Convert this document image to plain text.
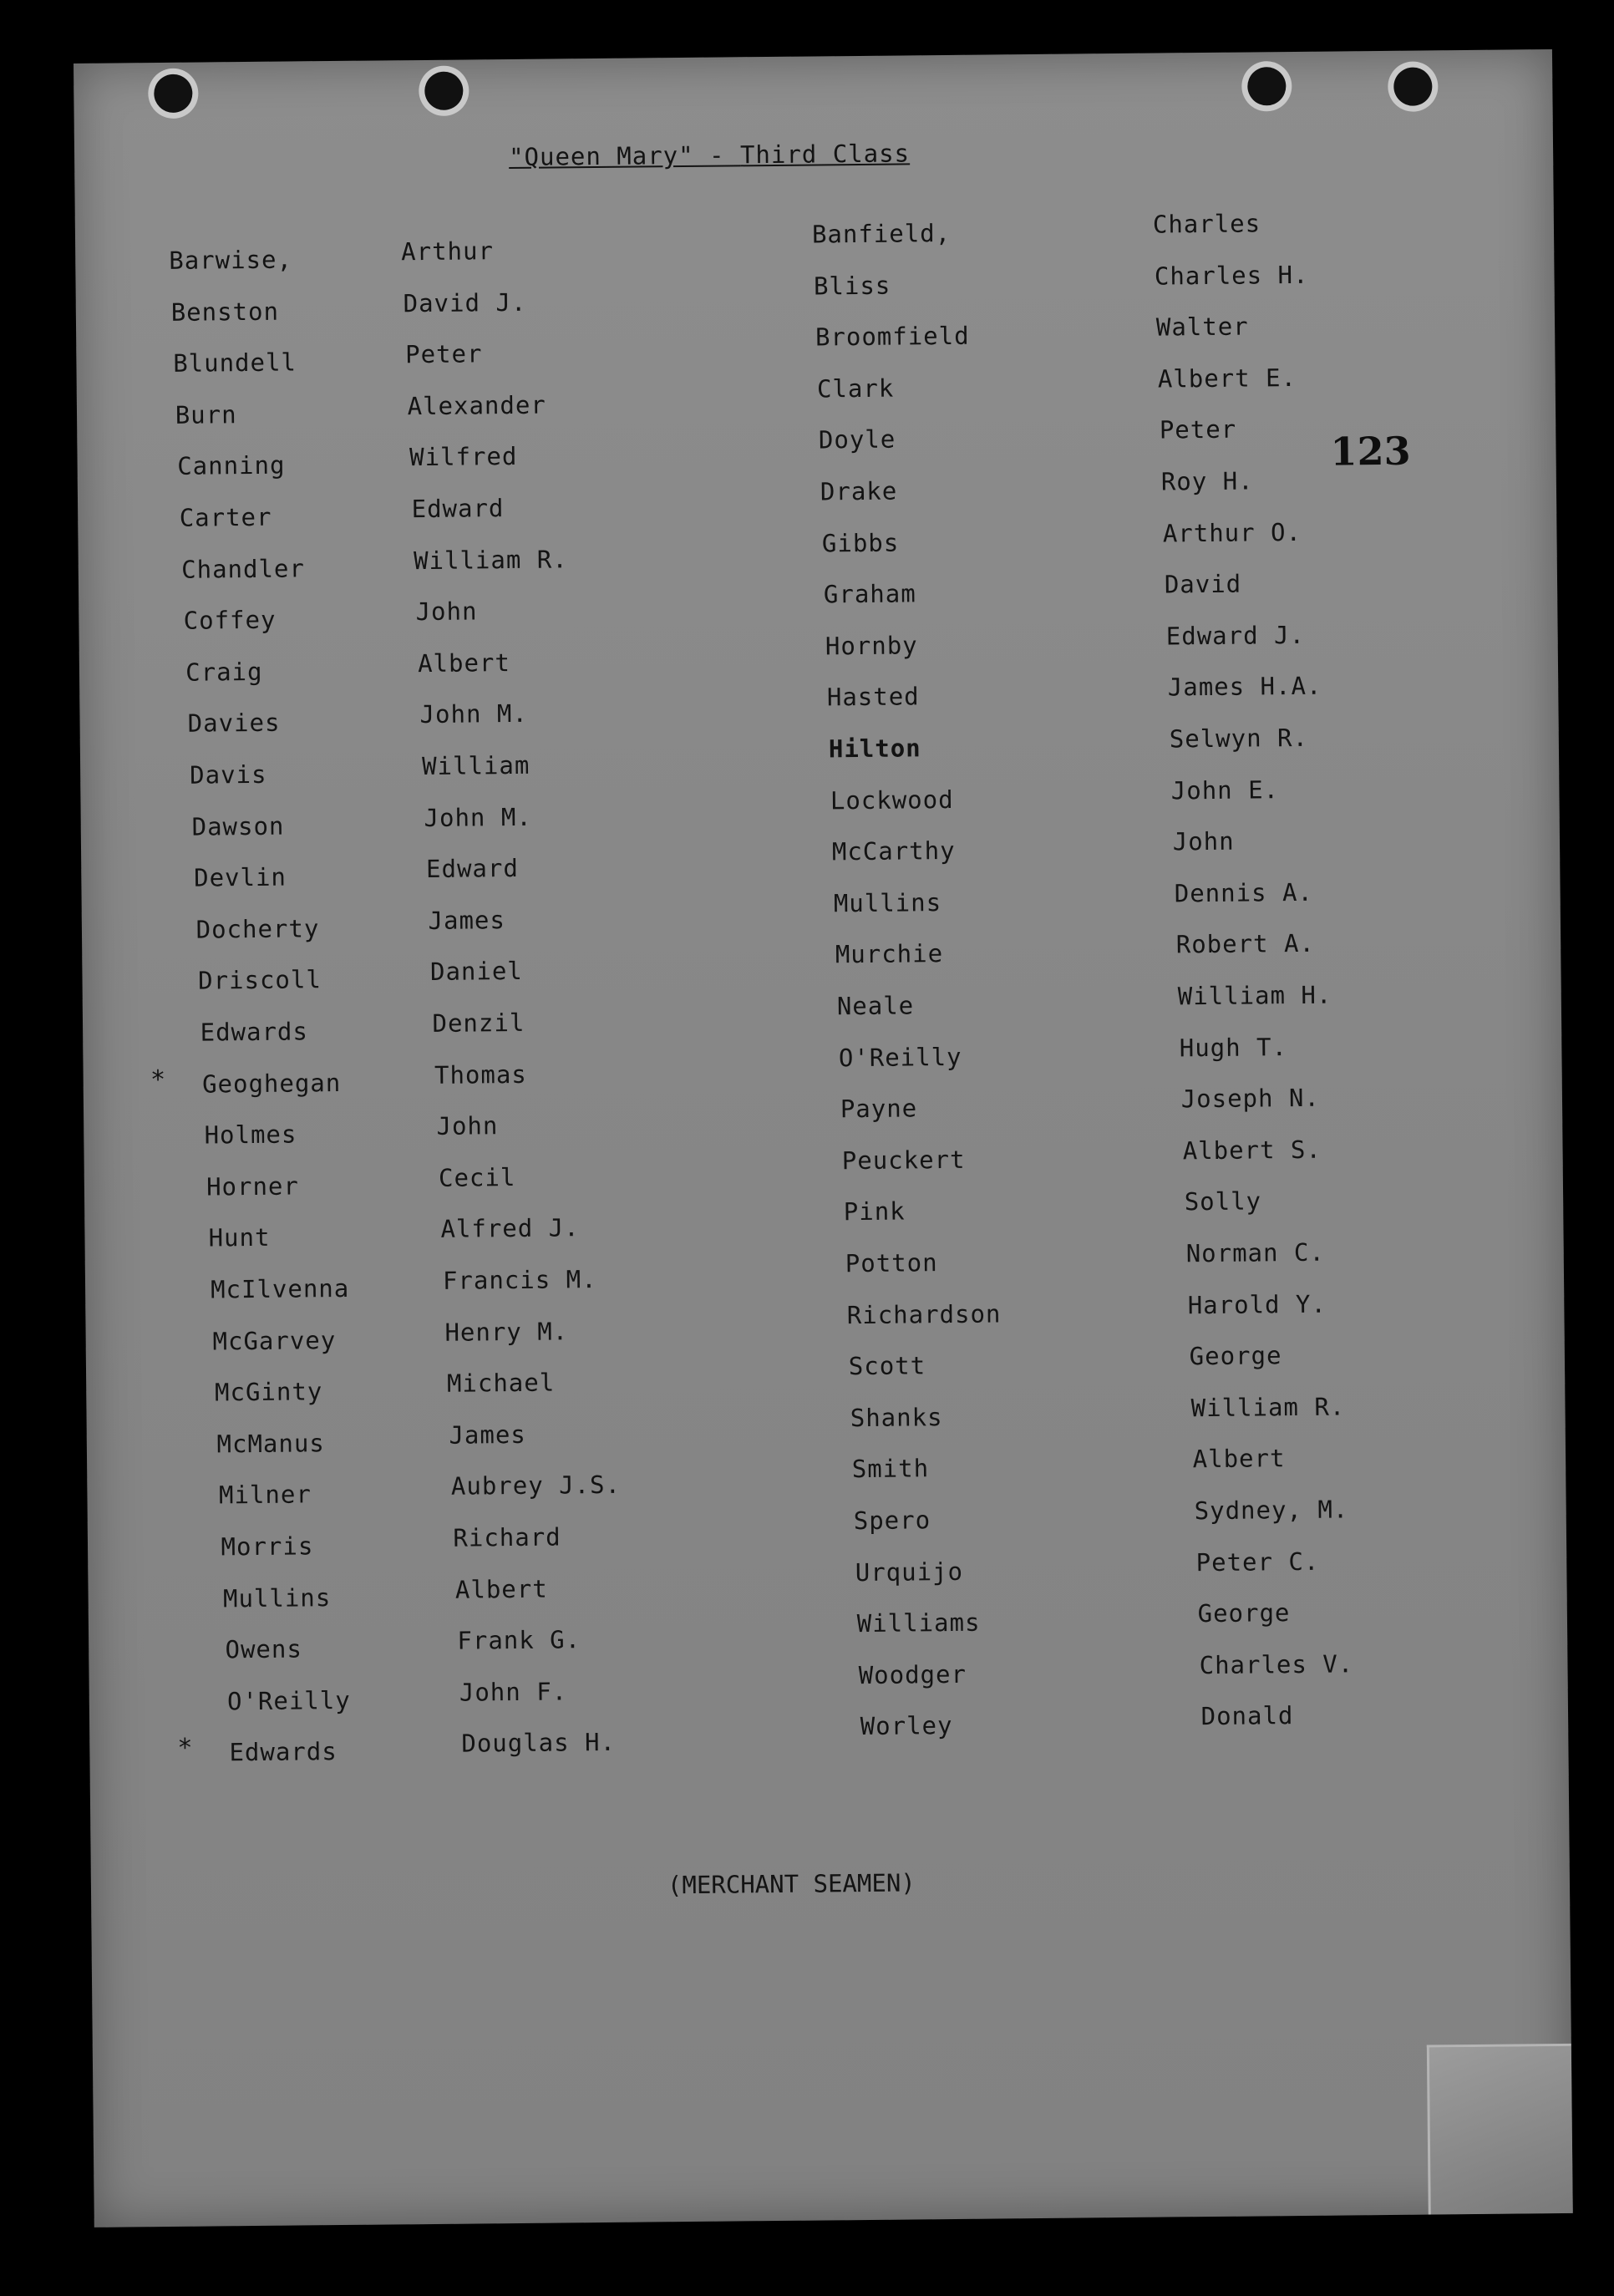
"Queen Mary" - Third Class
123
Barwise,	Arthur
Benston	David J.
Blundell	Peter
Burn	Alexander
Canning	Wilfred
Carter	Edward
Chandler	William R.
Coffey	John
Craig	Albert
Davies	John M.
Davis	William
Dawson	John M.
Devlin	Edward
Docherty	James
Driscoll	Daniel
Edwards	Denzil
* Geoghegan	Thomas
Holmes	John
Horner	Cecil
Hunt	Alfred J.
McIlvenna	Francis M.
McGarvey	Henry M.
McGinty	Michael
McManus	James
Milner	Aubrey J.S.
Morris	Richard
Mullins	Albert
Owens	Frank G.
O'Reilly	John F.
* Edwards	Douglas H.
Banfield,	Charles
Bliss	Charles H.
Broomfield	Walter
Clark	Albert E.
Doyle	Peter
Drake	Roy H.
Gibbs	Arthur O.
Graham	David
Hornby	Edward J.
Hasted	James H.A.
Hilton	Selwyn R.
Lockwood	John E.
McCarthy	John
Mullins	Dennis A.
Murchie	Robert A.
Neale	William H.
O'Reilly	Hugh T.
Payne	Joseph N.
Peuckert	Albert S.
Pink	Solly
Potton	Norman C.
Richardson	Harold Y.
Scott	George
Shanks	William R.
Smith	Albert
Spero	Sydney, M.
Urquijo	Peter C.
Williams	George
Woodger	Charles V.
Worley	Donald
(MERCHANT SEAMEN)
